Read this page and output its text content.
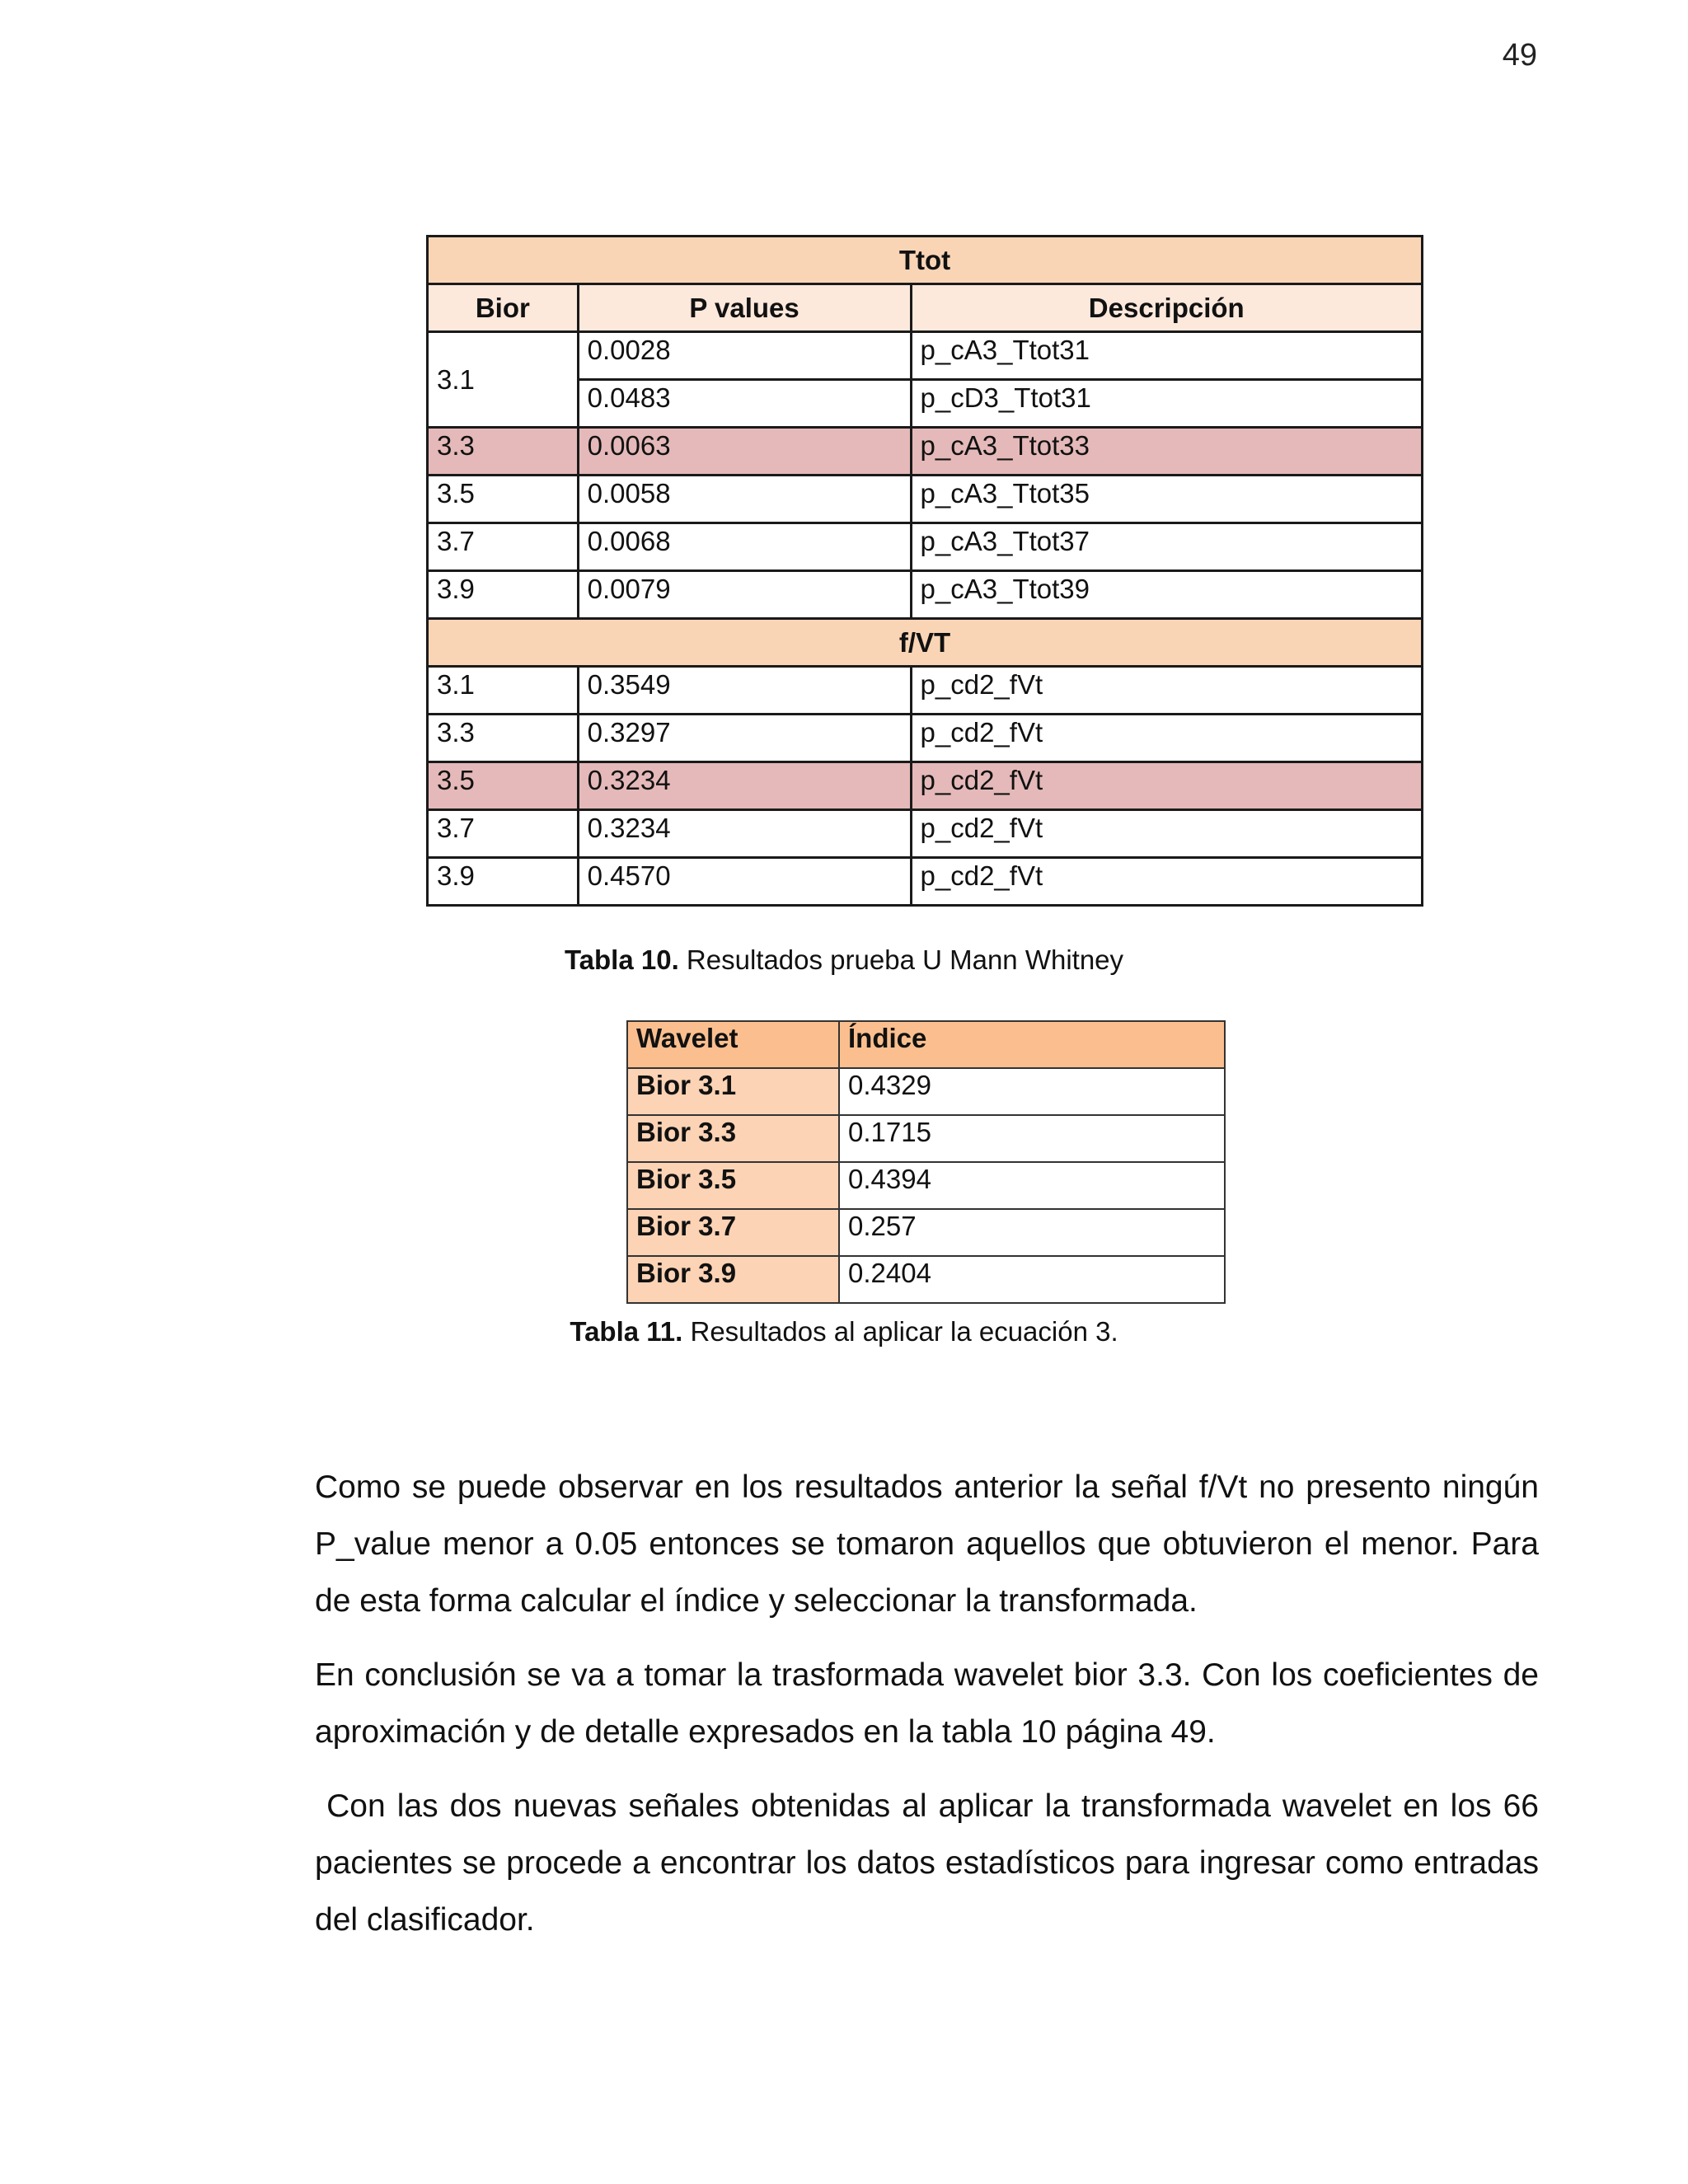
49
Ttot		
Bior	P values	Descripción
3.1	0.0028	p_cA3_Ttot31
	0.0483	p_cD3_Ttot31
3.3	0.0063	p_cA3_Ttot33
3.5	0.0058	p_cA3_Ttot35
3.7	0.0068	p_cA3_Ttot37
3.9	0.0079	p_cA3_Ttot39
f/VT		
3.1	0.3549	p_cd2_fVt
3.3	0.3297	p_cd2_fVt
3.5	0.3234	p_cd2_fVt
3.7	0.3234	p_cd2_fVt
3.9	0.4570	p_cd2_fVt
Tabla 10. Resultados prueba U Mann Whitney
Wavelet	Índice
Bior 3.1	0.4329
Bior 3.3	0.1715
Bior 3.5	0.4394
Bior 3.7	0.257
Bior 3.9	0.2404
Tabla 11. Resultados al aplicar la ecuación 3.

Como se puede observar en los resultados anterior la señal f/Vt no presento ningún P_value menor a 0.05 entonces se tomaron aquellos que obtuvieron el menor. Para de esta forma calcular el índice y seleccionar la transformada.

En conclusión se va a tomar la trasformada wavelet bior 3.3. Con los coeficientes de aproximación y de detalle expresados en la tabla 10 página 49.

Con las dos nuevas señales obtenidas al aplicar la transformada wavelet en los 66 pacientes se procede a encontrar los datos estadísticos para ingresar como entradas del clasificador.
